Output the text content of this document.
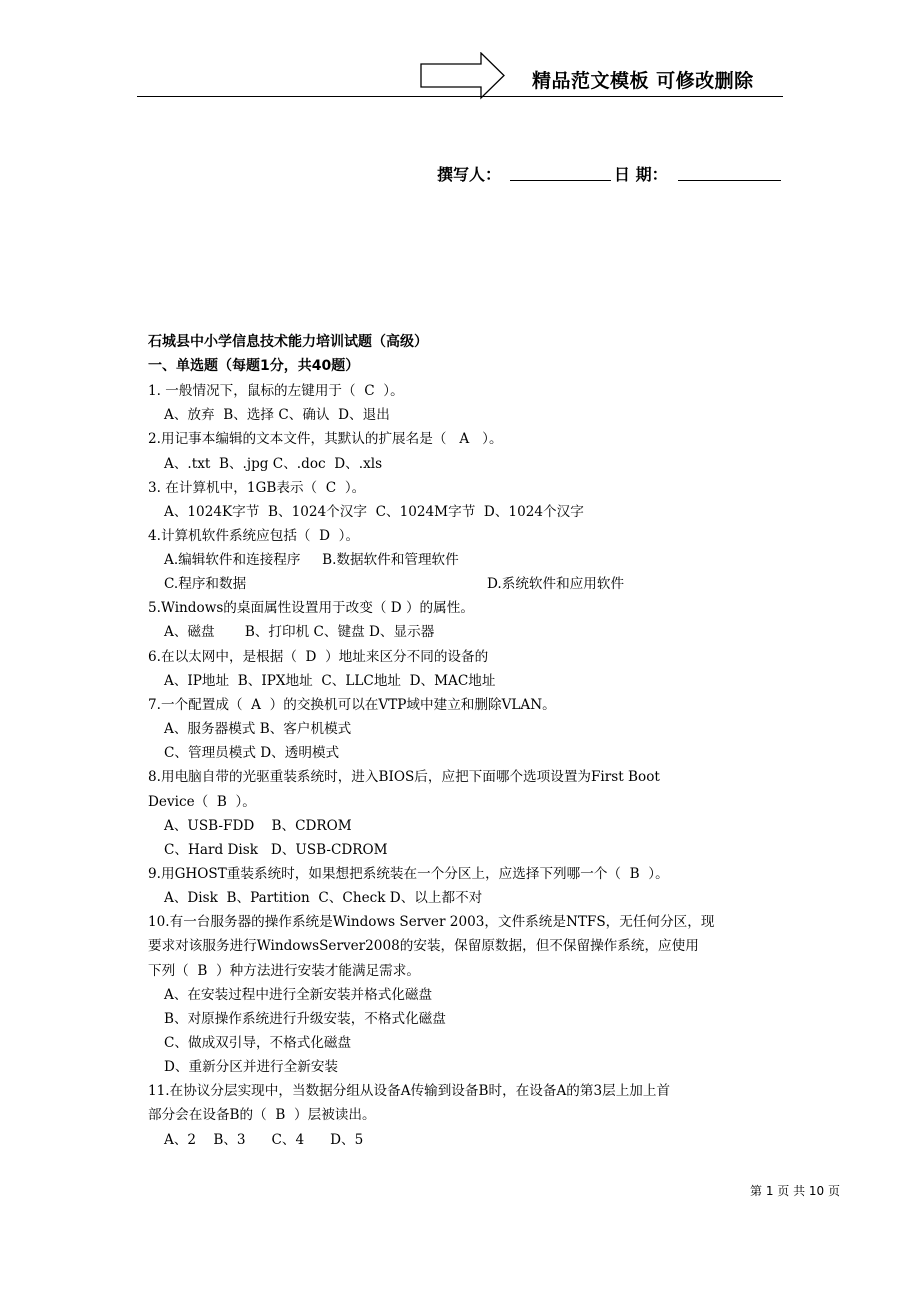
精品范文模板 可修改删除
撰写人：	日 期：
石城县中小学信息技术能力培训试题（高级）
一、单选题（每题1分，共40题）
1. 一般情况下，鼠标的左键用于（  C  ）。
A、放弃  B、选择 C、确认  D、退出
2.用记事本编辑的文本文件，其默认的扩展名是（   A   ）。
A、.txt  B、.jpg C、.doc  D、.xls
3. 在计算机中，1GB表示（  C  ）。
A、1024K字节  B、1024个汉字  C、1024M字节  D、1024个汉字
4.计算机软件系统应包括（  D  ）。
A.编辑软件和连接程序     B.数据软件和管理软件
C.程序和数据	D.系统软件和应用软件
5.Windows的桌面属性设置用于改变（ D ）的属性。
A、磁盘       B、打印机 C、键盘 D、显示器
6.在以太网中，是根据（  D  ）地址来区分不同的设备的
A、IP地址  B、IPX地址  C、LLC地址  D、MAC地址
7.一个配置成（  A  ）的交换机可以在VTP域中建立和删除VLAN。
A、服务器模式 B、客户机模式
C、管理员模式 D、透明模式
8.用电脑自带的光驱重装系统时，进入BIOS后，应把下面哪个选项设置为First Boot
Device（  B  ）。
A、USB-FDD    B、CDROM
C、Hard Disk   D、USB-CDROM
9.用GHOST重装系统时，如果想把系统装在一个分区上，应选择下列哪一个（  B  ）。
A、Disk  B、Partition  C、Check D、以上都不对
10.有一台服务器的操作系统是Windows Server 2003，文件系统是NTFS，无任何分区，现
要求对该服务进行WindowsServer2008的安装，保留原数据，但不保留操作系统，应使用
下列（  B  ）种方法进行安装才能满足需求。
A、在安装过程中进行全新安装并格式化磁盘
B、对原操作系统进行升级安装，不格式化磁盘
C、做成双引导，不格式化磁盘
D、重新分区并进行全新安装
11.在协议分层实现中，当数据分组从设备A传输到设备B时，在设备A的第3层上加上首
部分会在设备B的（  B  ）层被读出。
A、2    B、3      C、4      D、5
第 1 页 共 10 页
